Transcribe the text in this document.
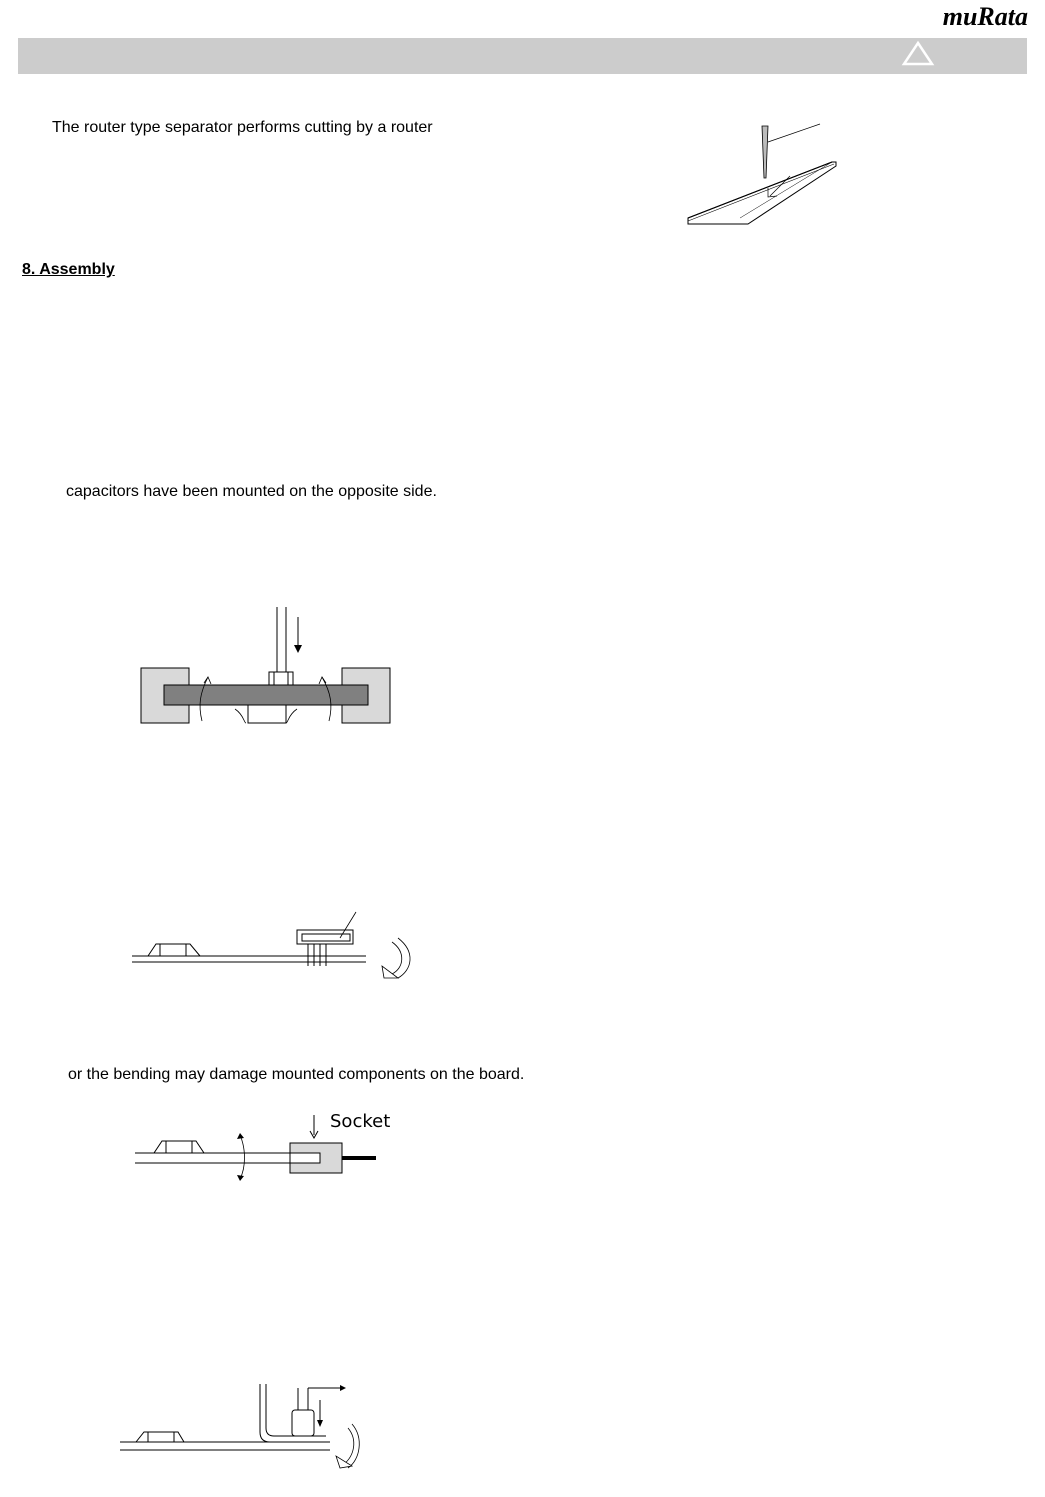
muRata
The router type separator performs cutting by a router
8. Assembly
capacitors have been mounted on the opposite side.
or the bending may damage mounted components on the board.
Socket
